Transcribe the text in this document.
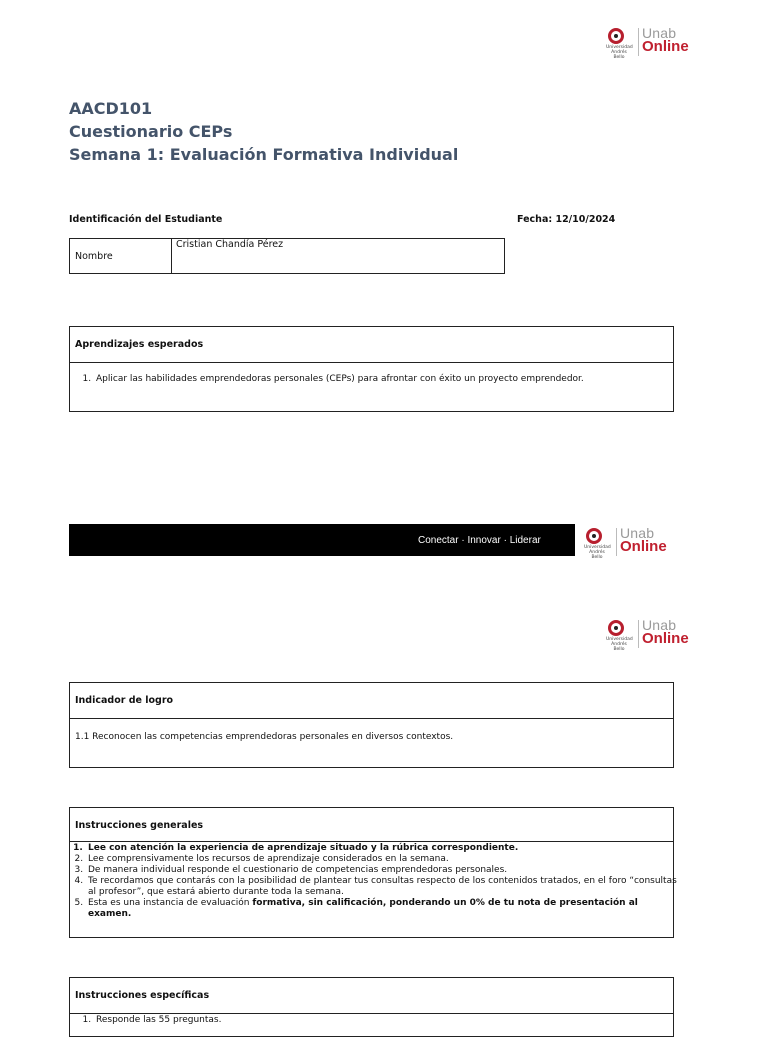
Universidad Andrés Bello
Unab
Online
AACD101
Cuestionario CEPs
Semana 1: Evaluación Formativa Individual
Identificación del Estudiante	Fecha: 12/10/2024
Nombre
Cristian Chandía Pérez
Aprendizajes esperados
1. Aplicar las habilidades emprendedoras personales (CEPs) para afrontar con éxito un proyecto emprendedor.
Conectar · Innovar · Liderar
Universidad Andrés Bello
Unab
Online
Universidad Andrés Bello
Unab
Online
Indicador de logro
1.1 Reconocen las competencias emprendedoras personales en diversos contextos.
Instrucciones generales
1. Lee con atención la experiencia de aprendizaje situado y la rúbrica correspondiente.
2. Lee comprensivamente los recursos de aprendizaje considerados en la semana.
3. De manera individual responde el cuestionario de competencias emprendedoras personales.
4. Te recordamos que contarás con la posibilidad de plantear tus consultas respecto de los contenidos tratados, en el foro “consultas al profesor”, que estará abierto durante toda la semana.
5. Esta es una instancia de evaluación formativa, sin calificación, ponderando un 0% de tu nota de presentación al examen.
Instrucciones específicas
1. Responde las 55 preguntas.
